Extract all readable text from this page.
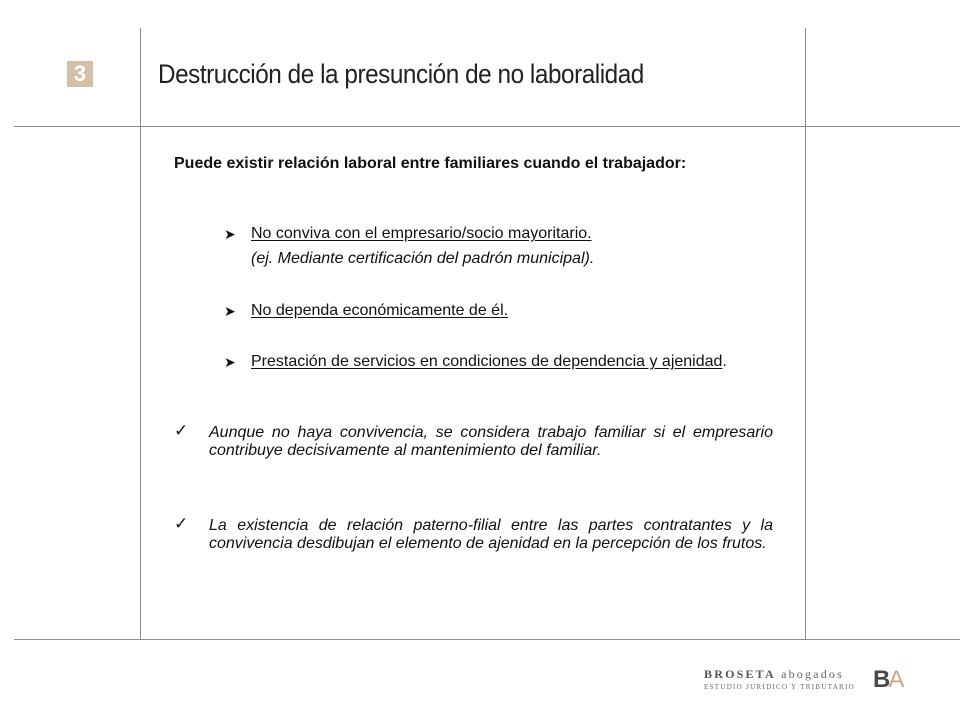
3	Destrucción de la presunción de no laboralidad

Puede existir relación laboral entre familiares cuando el trabajador:

➤ No conviva con el empresario/socio mayoritario.
(ej. Mediante certificación del padrón municipal).
➤ No dependa económicamente de él.
➤ Prestación de servicios en condiciones de dependencia y ajenidad.
✓ Aunque no haya convivencia, se considera trabajo familiar si el empresario contribuye decisivamente al mantenimiento del familiar.
✓ La existencia de relación paterno-filial entre las partes contratantes y la convivencia desdibujan el elemento de ajenidad en la percepción de los frutos.
BROSETA abogados
ESTUDIO JURÍDICO Y TRIBUTARIO BA
